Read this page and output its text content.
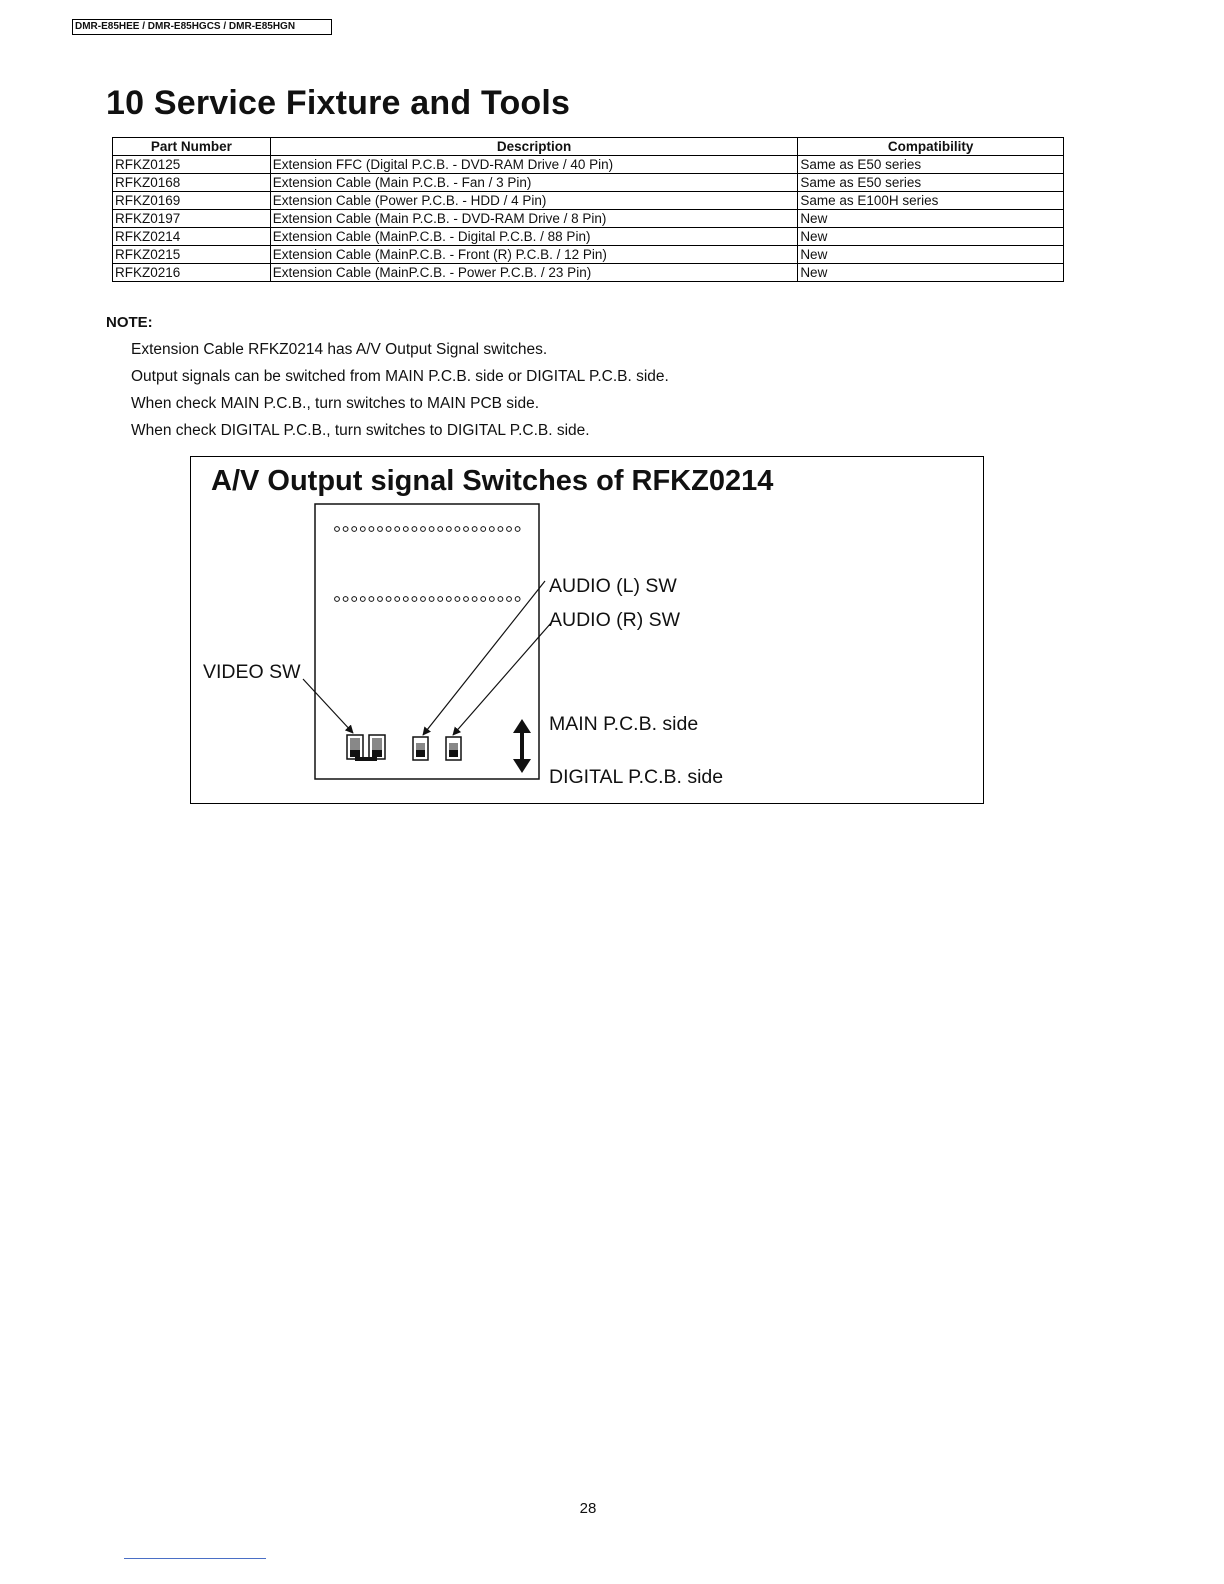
DMR-E85HEE / DMR-E85HGCS / DMR-E85HGN
10 Service Fixture and Tools
Part Number	Description	Compatibility
RFKZ0125	Extension FFC (Digital P.C.B. - DVD-RAM Drive / 40 Pin)	Same as E50 series
RFKZ0168	Extension Cable (Main P.C.B. - Fan / 3 Pin)	Same as E50 series
RFKZ0169	Extension Cable (Power P.C.B. - HDD / 4 Pin)	Same as E100H series
RFKZ0197	Extension Cable (Main P.C.B. - DVD-RAM Drive / 8 Pin)	New
RFKZ0214	Extension Cable (MainP.C.B. - Digital P.C.B. / 88 Pin)	New
RFKZ0215	Extension Cable (MainP.C.B. - Front (R) P.C.B. / 12 Pin)	New
RFKZ0216	Extension Cable (MainP.C.B. - Power P.C.B. / 23 Pin)	New
NOTE:
Extension Cable RFKZ0214 has A/V Output Signal switches.
Output signals can be switched from MAIN P.C.B. side or DIGITAL P.C.B. side.
When check MAIN P.C.B., turn switches to MAIN PCB side.
When check DIGITAL P.C.B., turn switches to DIGITAL P.C.B. side.
A/V Output signal Switches of RFKZ0214
AUDIO (L) SW
AUDIO (R) SW
VIDEO SW
MAIN P.C.B. side
DIGITAL P.C.B. side
28
